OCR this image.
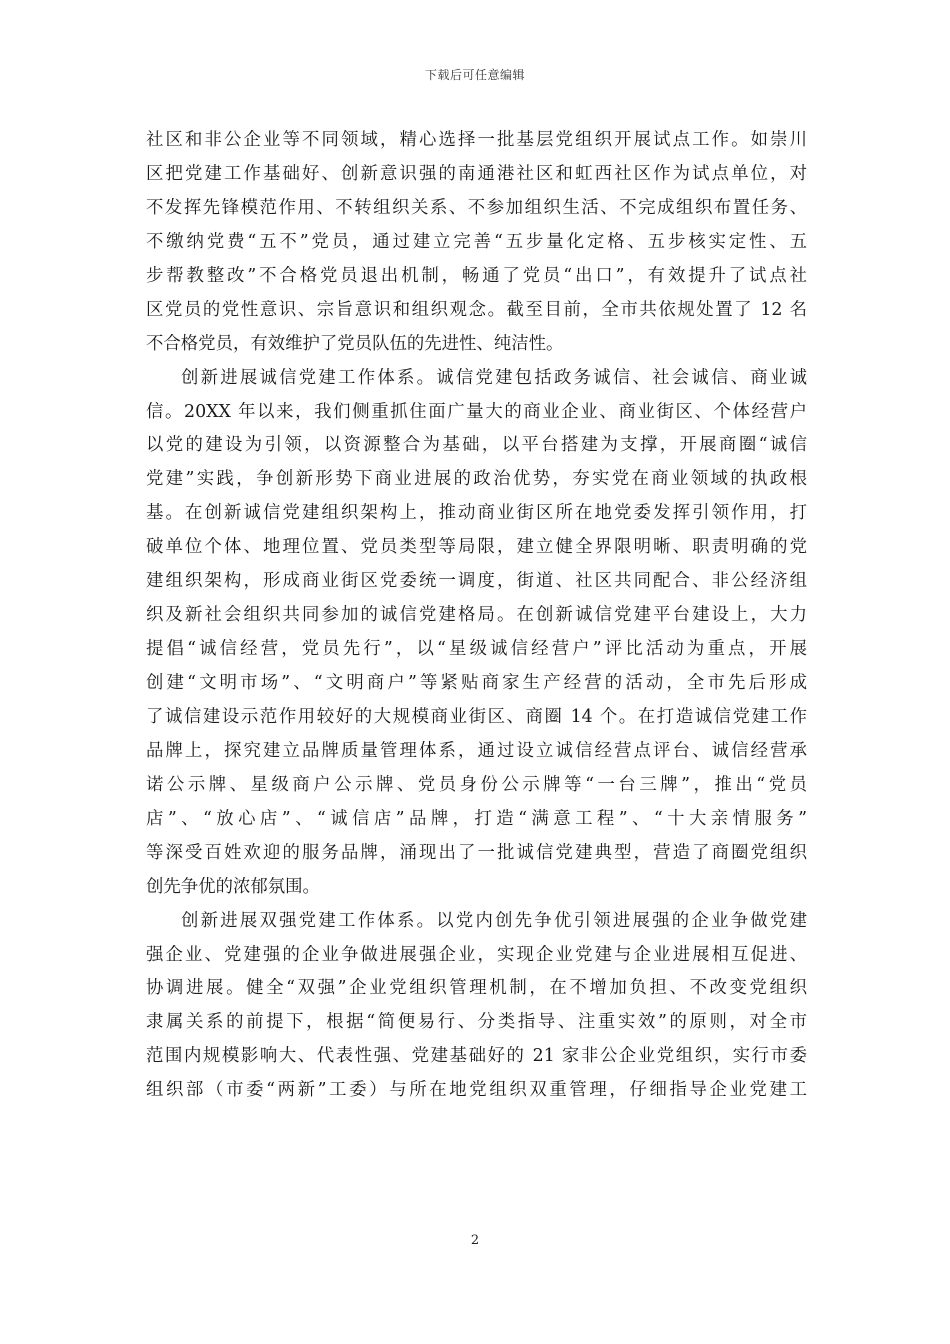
下载后可任意编辑
社区和非公企业等不同领域，精心选择一批基层党组织开展试点工作。如崇川
区把党建工作基础好、创新意识强的南通港社区和虹西社区作为试点单位，对
不发挥先锋模范作用、不转组织关系、不参加组织生活、不完成组织布置任务、
不缴纳党费“五不”党员，通过建立完善“五步量化定格、五步核实定性、五
步帮教整改”不合格党员退出机制，畅通了党员“出口”，有效提升了试点社
区党员的党性意识、宗旨意识和组织观念。截至目前，全市共依规处置了 12 名
不合格党员，有效维护了党员队伍的先进性、纯洁性。
创新进展诚信党建工作体系。诚信党建包括政务诚信、社会诚信、商业诚
信。20XX 年以来，我们侧重抓住面广量大的商业企业、商业街区、个体经营户
以党的建设为引领，以资源整合为基础，以平台搭建为支撑，开展商圈“诚信
党建”实践，争创新形势下商业进展的政治优势，夯实党在商业领域的执政根
基。在创新诚信党建组织架构上，推动商业街区所在地党委发挥引领作用，打
破单位个体、地理位置、党员类型等局限，建立健全界限明晰、职责明确的党
建组织架构，形成商业街区党委统一调度，街道、社区共同配合、非公经济组
织及新社会组织共同参加的诚信党建格局。在创新诚信党建平台建设上，大力
提倡“诚信经营，党员先行”，以“星级诚信经营户”评比活动为重点，开展
创建“文明市场”、“文明商户”等紧贴商家生产经营的活动，全市先后形成
了诚信建设示范作用较好的大规模商业街区、商圈 14 个。在打造诚信党建工作
品牌上，探究建立品牌质量管理体系，通过设立诚信经营点评台、诚信经营承
诺公示牌、星级商户公示牌、党员身份公示牌等“一台三牌”，推出“党员
店”、“放心店”、“诚信店”品牌，打造“满意工程”、“十大亲情服务”
等深受百姓欢迎的服务品牌，涌现出了一批诚信党建典型，营造了商圈党组织
创先争优的浓郁氛围。
创新进展双强党建工作体系。以党内创先争优引领进展强的企业争做党建
强企业、党建强的企业争做进展强企业，实现企业党建与企业进展相互促进、
协调进展。健全“双强”企业党组织管理机制，在不增加负担、不改变党组织
隶属关系的前提下，根据“简便易行、分类指导、注重实效”的原则，对全市
范围内规模影响大、代表性强、党建基础好的 21 家非公企业党组织，实行市委
组织部（市委“两新”工委）与所在地党组织双重管理，仔细指导企业党建工
2
